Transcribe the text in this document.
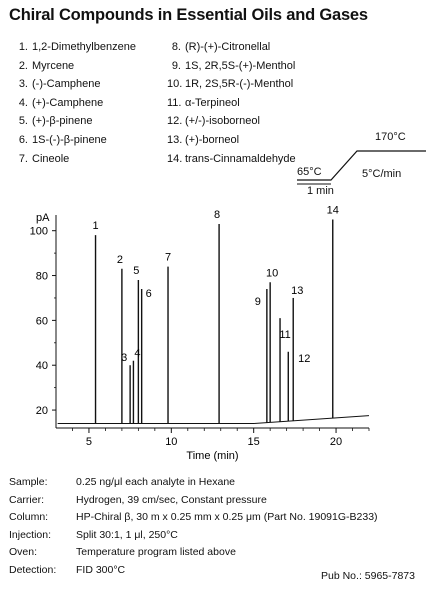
Chiral Compounds in Essential Oils and Gases
1. 1,2-Dimethylbenzene
2. Myrcene
3. (-)-Camphene
4. (+)-Camphene
5. (+)-β-pinene
6. 1S-(-)-β-pinene
7. Cineole
8. (R)-(+)-Citronellal
9. 1S, 2R,5S-(+)-Menthol
10. 1R, 2S,5R-(-)-Menthol
11. α-Terpineol
12. (+/-)-isoborneol
13. (+)-borneol
14. trans-Cinnamaldehyde
170°C
65°C
1 min
5°C/min
20
40
60
80
100
5	10	15	20
pA
Time (min)
1
2
3 4
5
6
7
8
9
10
11
12
13
14
Sample:	0.25 ng/μl each analyte in Hexane
Carrier:	Hydrogen, 39 cm/sec, Constant pressure
Column:	HP-Chiral β, 30 m x 0.25 mm x 0.25 μm (Part No. 19091G-B233)
Injection: Split 30:1, 1 μl, 250°C
Oven:	Temperature program listed above
Detection: FID 300°C
Pub No.: 5965-7873
